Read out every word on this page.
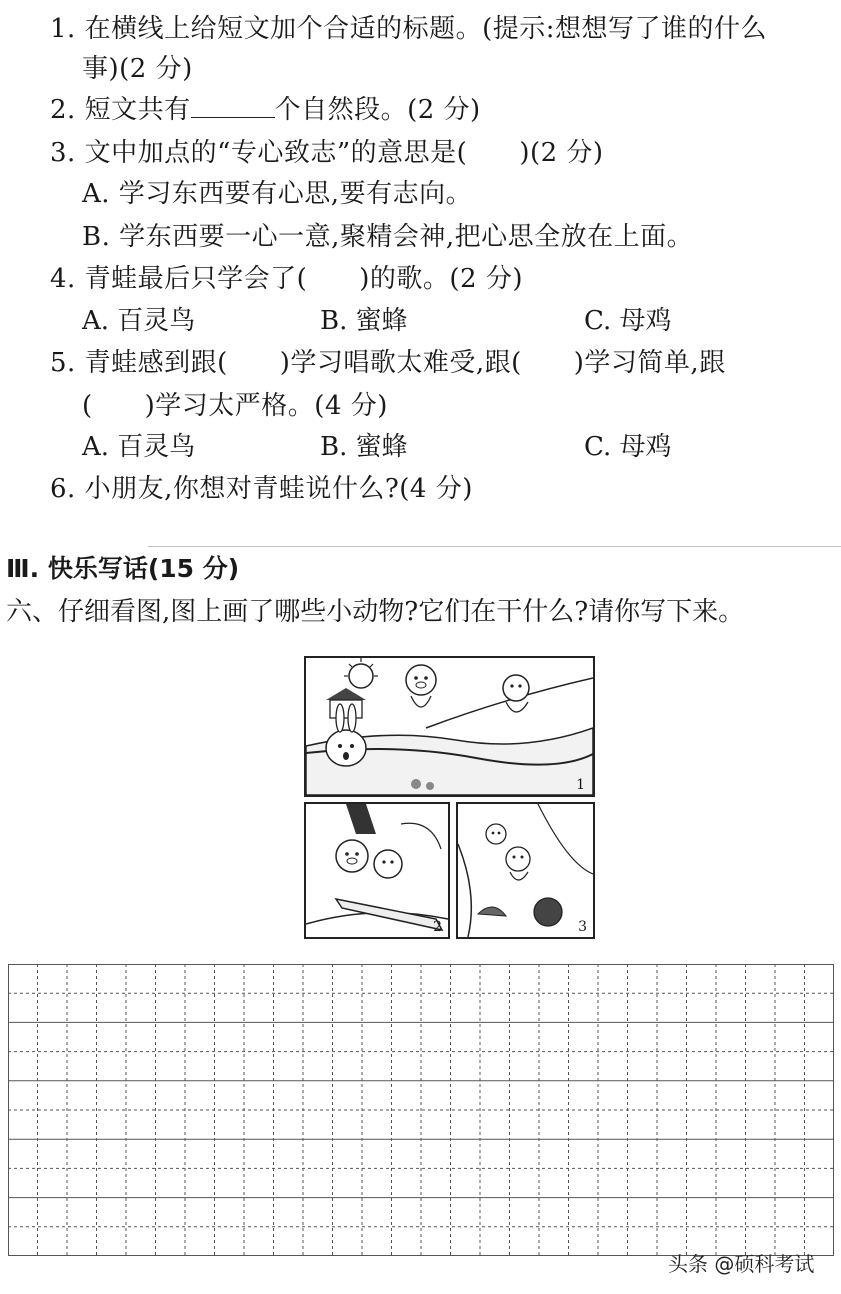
1. 在横线上给短文加个合适的标题。(提示:想想写了谁的什么
事)(2 分)
2. 短文共有	个自然段。(2 分)
3. 文中加点的“专心致志”的意思是( )(2 分)
A. 学习东西要有心思,要有志向。
B. 学东西要一心一意,聚精会神,把心思全放在上面。
4. 青蛙最后只学会了( )的歌。(2 分)
A. 百灵鸟	B. 蜜蜂	C. 母鸡
5. 青蛙感到跟( )学习唱歌太难受,跟( )学习简单,跟
( )学习太严格。(4 分)
A. 百灵鸟	B. 蜜蜂	C. 母鸡
6. 小朋友,你想对青蛙说什么?(4 分)
Ⅲ. 快乐写话(15 分)
六、仔细看图,图上画了哪些小动物?它们在干什么?请你写下来。
1
2	3
头条 @硕科考试
